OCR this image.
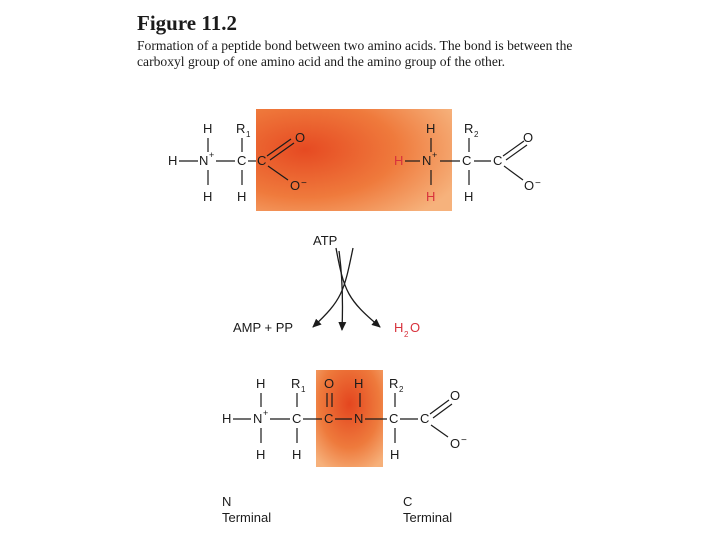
Figure 11.2
Formation of a peptide bond between two amino acids. The bond is between the carboxyl group of one amino acid and the amino group of the other.
H R 1
H N + C C
O
O −
H H
H R 2
H N + C C
O
O −
H H
ATP
AMP + PP	H 2 O
H R 1 O H R 2
H N + C C N C C
O
O −
H H	H
N
Terminal
C
Terminal
